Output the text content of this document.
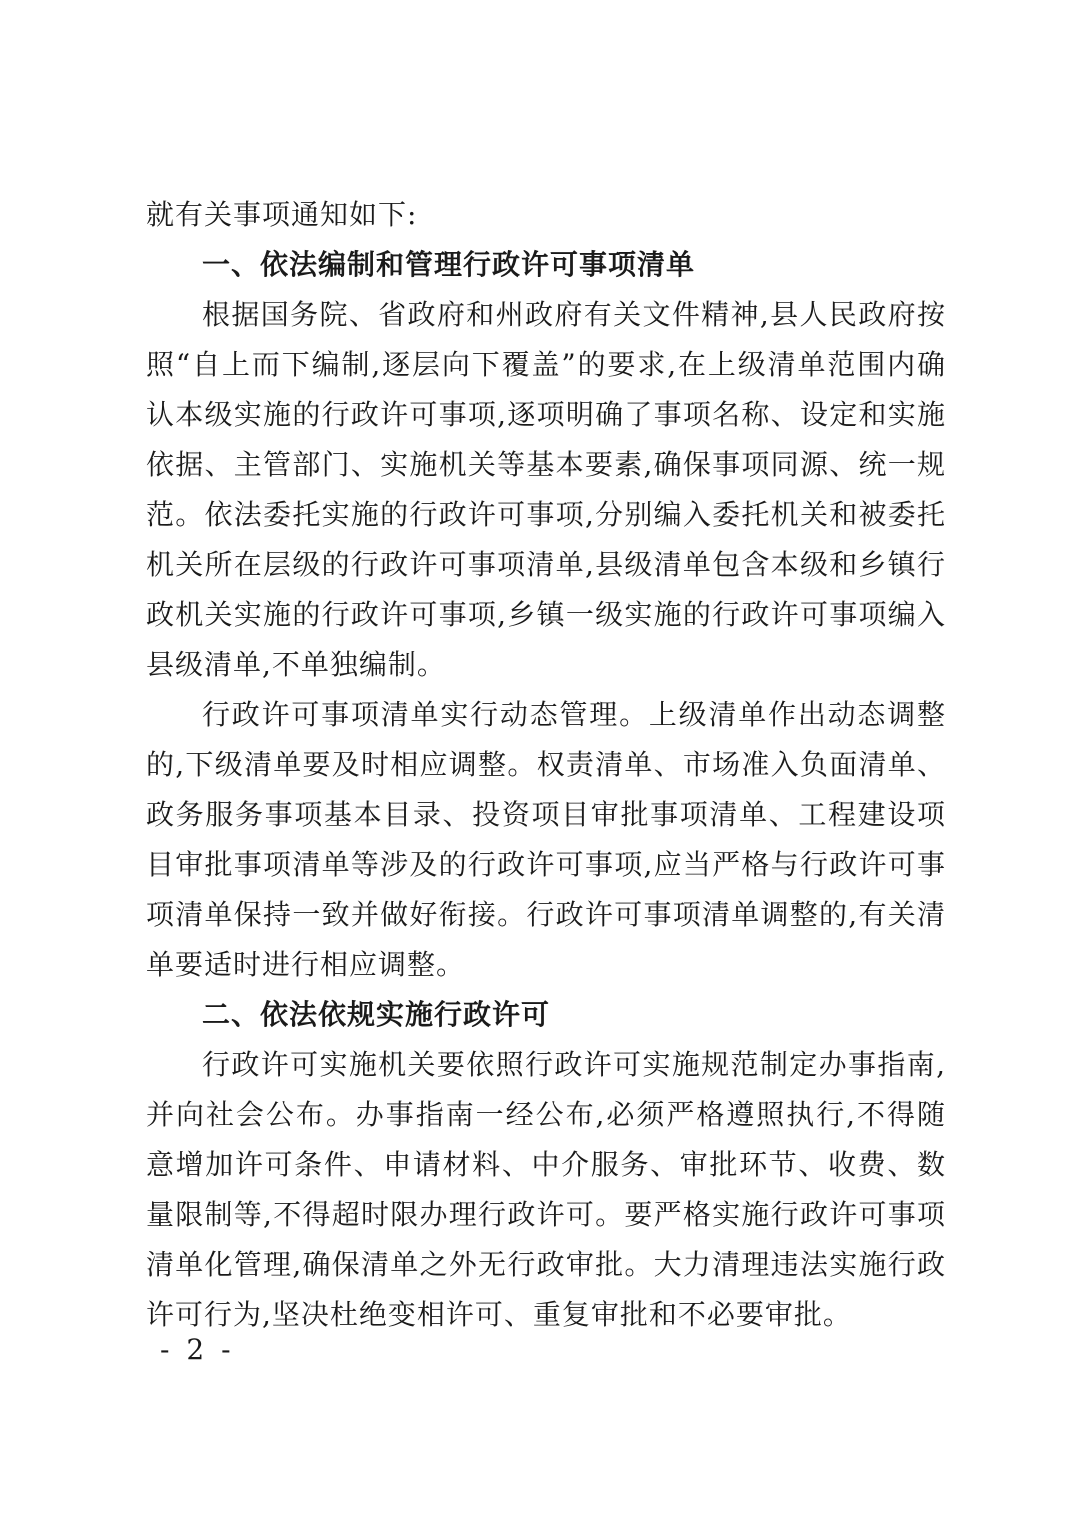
就有关事项通知如下:

一、依法编制和管理行政许可事项清单

根据国务院、省政府和州政府有关文件精神,县人民政府按照“自上而下编制,逐层向下覆盖”的要求,在上级清单范围内确认本级实施的行政许可事项,逐项明确了事项名称、设定和实施依据、主管部门、实施机关等基本要素,确保事项同源、统一规范。依法委托实施的行政许可事项,分别编入委托机关和被委托机关所在层级的行政许可事项清单,县级清单包含本级和乡镇行政机关实施的行政许可事项,乡镇一级实施的行政许可事项编入县级清单,不单独编制。

行政许可事项清单实行动态管理。上级清单作出动态调整的,下级清单要及时相应调整。权责清单、市场准入负面清单、政务服务事项基本目录、投资项目审批事项清单、工程建设项目审批事项清单等涉及的行政许可事项,应当严格与行政许可事项清单保持一致并做好衔接。行政许可事项清单调整的,有关清单要适时进行相应调整。

二、依法依规实施行政许可

行政许可实施机关要依照行政许可实施规范制定办事指南,并向社会公布。办事指南一经公布,必须严格遵照执行,不得随意增加许可条件、申请材料、中介服务、审批环节、收费、数量限制等,不得超时限办理行政许可。要严格实施行政许可事项清单化管理,确保清单之外无行政审批。大力清理违法实施行政许可行为,坚决杜绝变相许可、重复审批和不必要审批。

- 2 -
